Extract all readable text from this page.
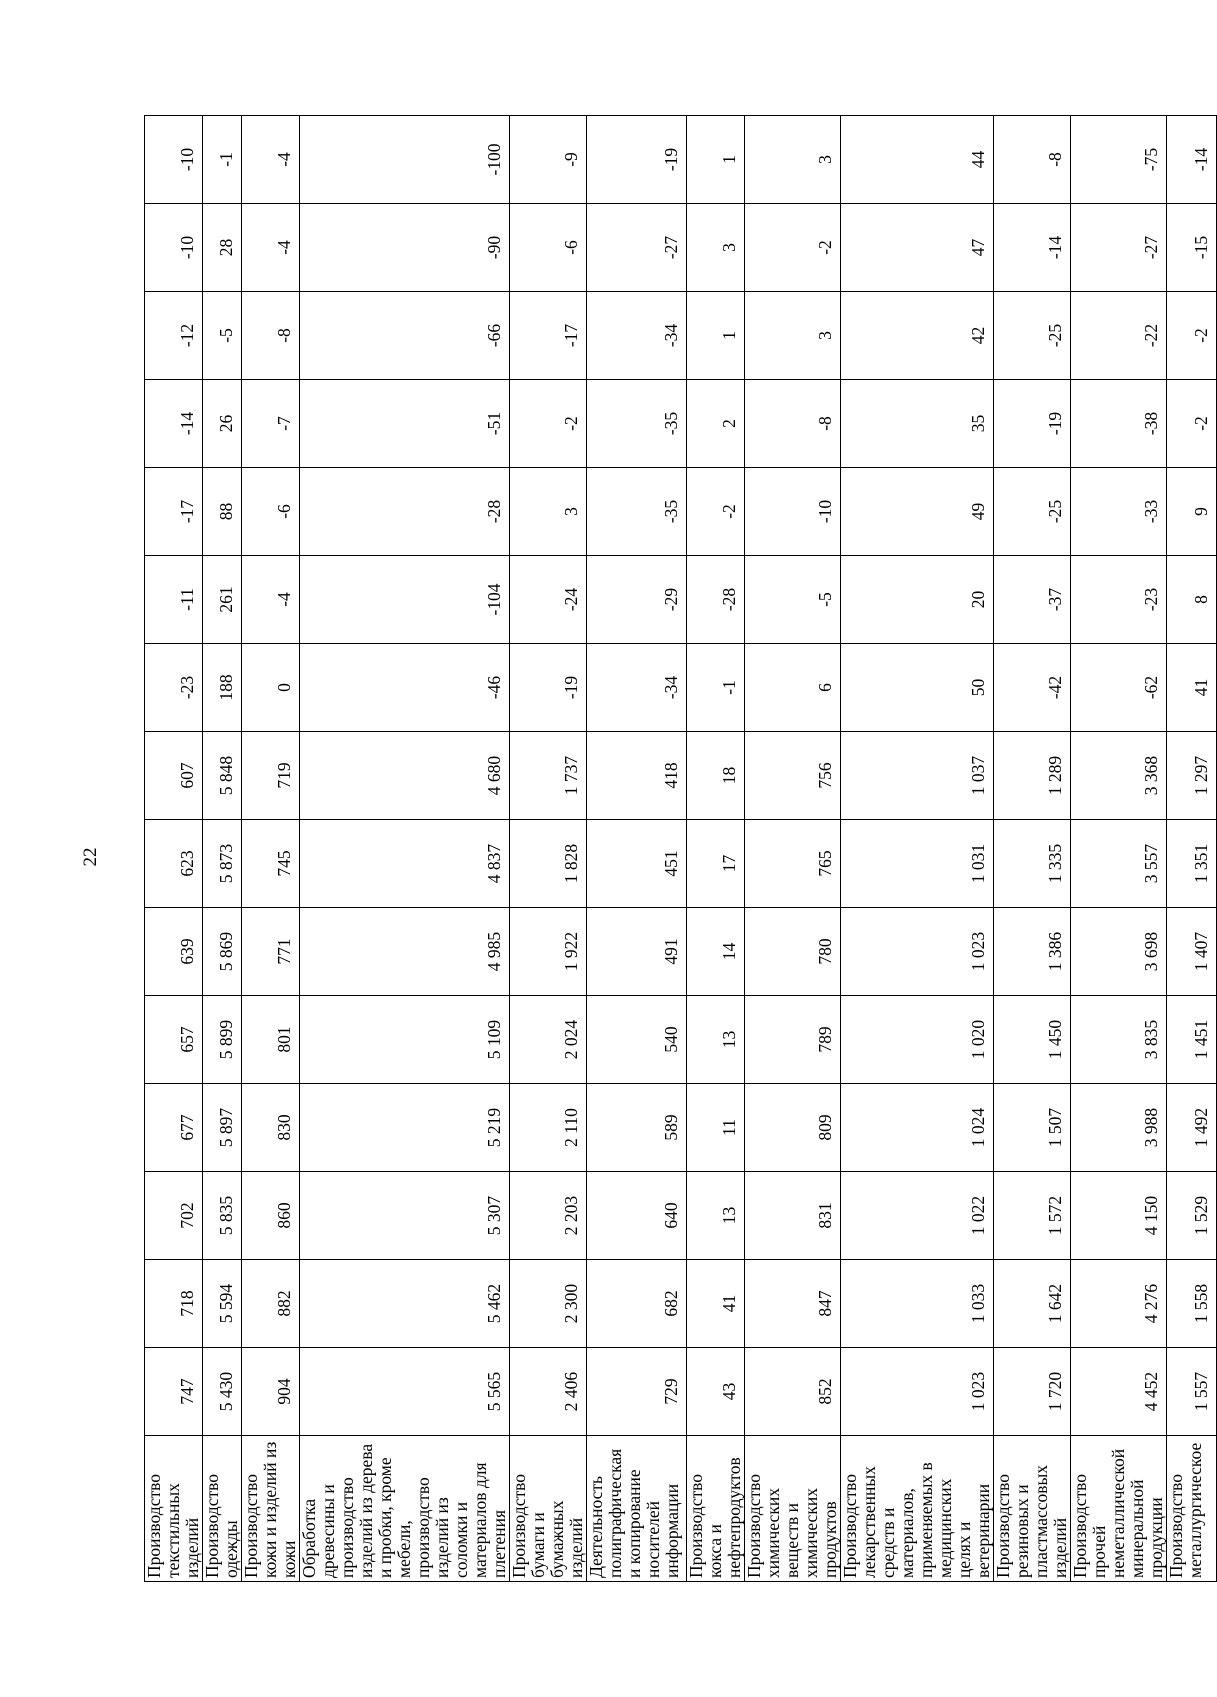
22
Производство текстильных изделий	747	718	702	677	657	639	623	607	-23	-11	-17	-14	-12	-10	-10
Производство одежды	5 430	5 594	5 835	5 897	5 899	5 869	5 873	5 848	188	261	88	26	-5	28	-1
Производство кожи и изделий из кожи	904	882	860	830	801	771	745	719	0	-4	-6	-7	-8	-4	-4
Обработка древесины и производство изделий из дерева и пробки, кроме мебели, производство изделий из соломки и материалов для плетения	5 565	5 462	5 307	5 219	5 109	4 985	4 837	4 680	-46	-104	-28	-51	-66	-90	-100
Производство бумаги и бумажных изделий	2 406	2 300	2 203	2 110	2 024	1 922	1 828	1 737	-19	-24	3	-2	-17	-6	-9
Деятельность полиграфическая и копирование носителей информации	729	682	640	589	540	491	451	418	-34	-29	-35	-35	-34	-27	-19
Производство кокса и нефтепродуктов	43	41	13	11	13	14	17	18	-1	-28	-2	2	1	3	1
Производство химических веществ и химических продуктов	852	847	831	809	789	780	765	756	6	-5	-10	-8	3	-2	3
Производство лекарственных средств и материалов, применяемых в медицинских целях и ветеринарии	1 023	1 033	1 022	1 024	1 020	1 023	1 031	1 037	50	20	49	35	42	47	44
Производство резиновых и пластмассовых изделий	1 720	1 642	1 572	1 507	1 450	1 386	1 335	1 289	-42	-37	-25	-19	-25	-14	-8
Производство прочей неметаллической минеральной продукции	4 452	4 276	4 150	3 988	3 835	3 698	3 557	3 368	-62	-23	-33	-38	-22	-27	-75
Производство металлургическое	1 557	1 558	1 529	1 492	1 451	1 407	1 351	1 297	41	8	9	-2	-2	-15	-14
